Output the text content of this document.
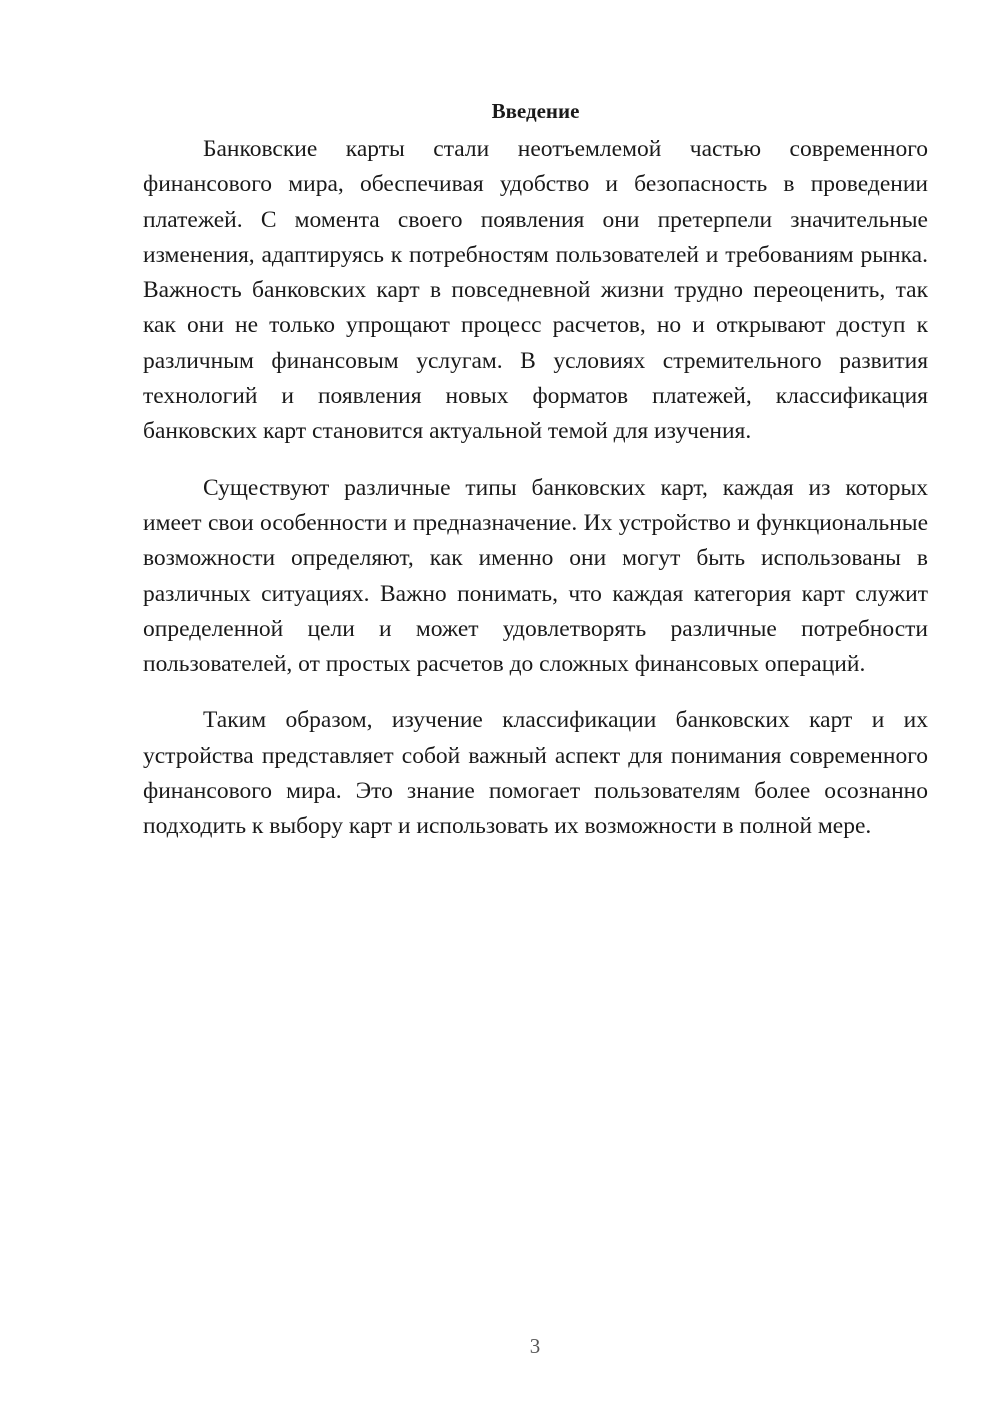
Введение

Банковские карты стали неотъемлемой частью современного финансового мира, обеспечивая удобство и безопасность в проведении платежей. С момента своего появления они претерпели значительные изменения, адаптируясь к потребностям пользователей и требованиям рынка. Важность банковских карт в повседневной жизни трудно переоценить, так как они не только упрощают процесс расчетов, но и открывают доступ к различным финансовым услугам. В условиях стремительного развития технологий и появления новых форматов платежей, классификация банковских карт становится актуальной темой для изучения.

Существуют различные типы банковских карт, каждая из которых имеет свои особенности и предназначение. Их устройство и функциональные возможности определяют, как именно они могут быть использованы в различных ситуациях. Важно понимать, что каждая категория карт служит определенной цели и может удовлетворять различные потребности пользователей, от простых расчетов до сложных финансовых операций.

Таким образом, изучение классификации банковских карт и их устройства представляет собой важный аспект для понимания современного финансового мира. Это знание помогает пользователям более осознанно подходить к выбору карт и использовать их возможности в полной мере.

3
